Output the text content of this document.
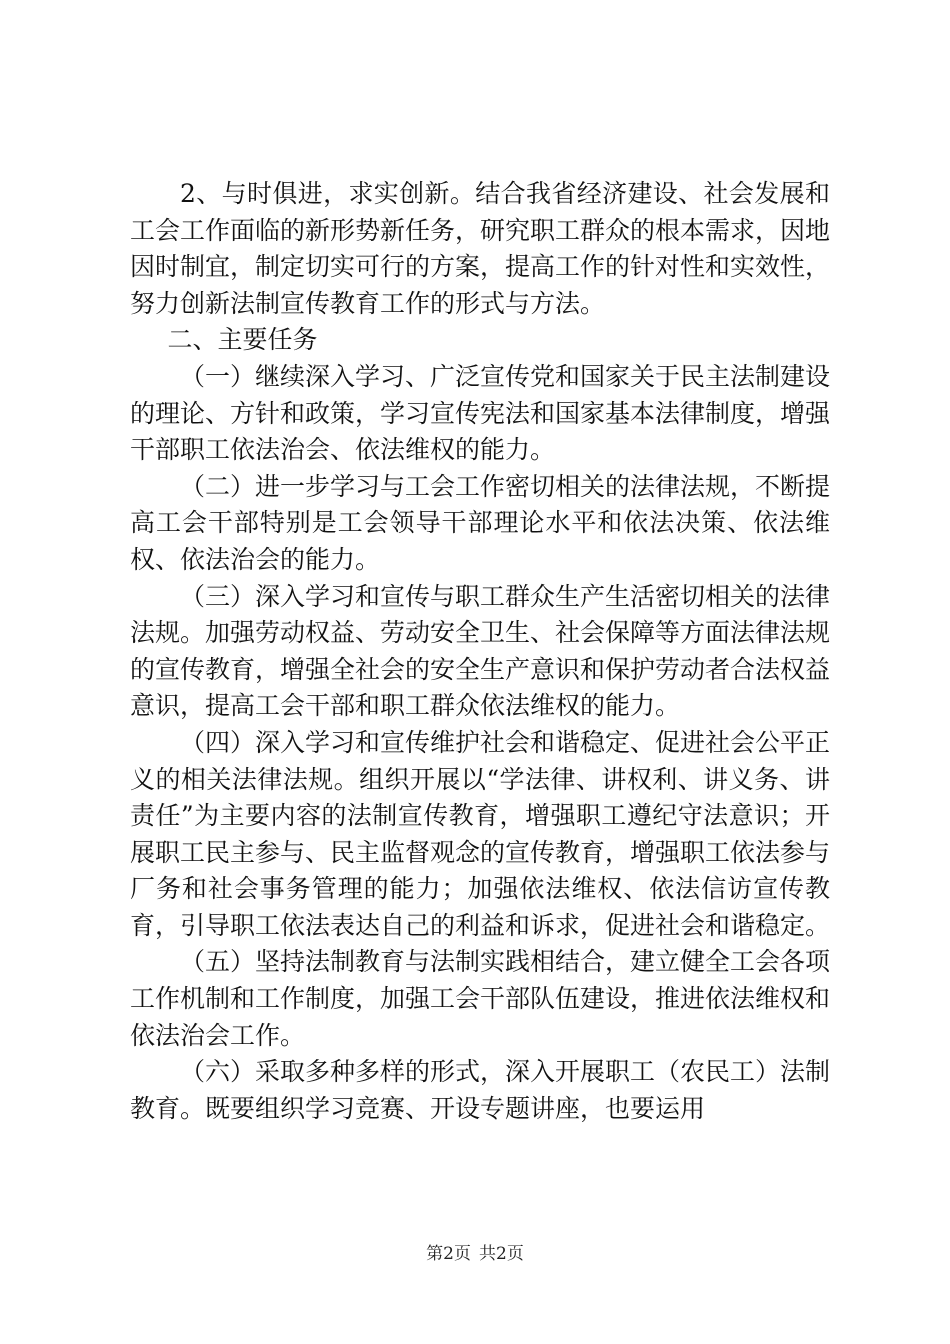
2、与时俱进，求实创新。结合我省经济建设、社会发展和工会工作面临的新形势新任务，研究职工群众的根本需求，因地因时制宜，制定切实可行的方案，提高工作的针对性和实效性，努力创新法制宣传教育工作的形式与方法。

二、主要任务

（一）继续深入学习、广泛宣传党和国家关于民主法制建设的理论、方针和政策，学习宣传宪法和国家基本法律制度，增强干部职工依法治会、依法维权的能力。

（二）进一步学习与工会工作密切相关的法律法规，不断提高工会干部特别是工会领导干部理论水平和依法决策、依法维权、依法治会的能力。

（三）深入学习和宣传与职工群众生产生活密切相关的法律法规。加强劳动权益、劳动安全卫生、社会保障等方面法律法规的宣传教育，增强全社会的安全生产意识和保护劳动者合法权益意识，提高工会干部和职工群众依法维权的能力。

（四）深入学习和宣传维护社会和谐稳定、促进社会公平正义的相关法律法规。组织开展以“学法律、讲权利、讲义务、讲责任”为主要内容的法制宣传教育，增强职工遵纪守法意识；开展职工民主参与、民主监督观念的宣传教育，增强职工依法参与厂务和社会事务管理的能力；加强依法维权、依法信访宣传教育，引导职工依法表达自己的利益和诉求，促进社会和谐稳定。

（五）坚持法制教育与法制实践相结合，建立健全工会各项工作机制和工作制度，加强工会干部队伍建设，推进依法维权和依法治会工作。

（六）采取多种多样的形式，深入开展职工（农民工）法制教育。既要组织学习竞赛、开设专题讲座，也要运用

第2页 共2页
